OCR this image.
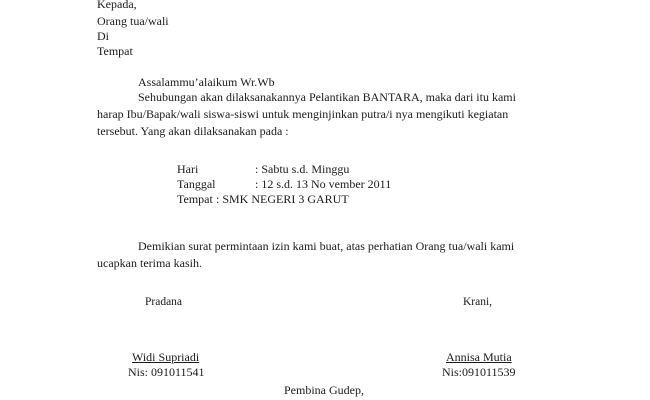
Kepada,
Orang tua/wali
Di
Tempat
Assalammu’alaikum Wr.Wb
Sehubungan akan dilaksanakannya Pelantikan BANTARA, maka dari itu kami
harap Ibu/Bapak/wali siswa-siswi untuk menginjinkan putra/i nya mengikuti kegiatan
tersebut. Yang akan dilaksanakan pada :
Hari	: Sabtu s.d. Minggu
Tanggal	: 12 s.d. 13 No vember 2011
Tempat : SMK NEGERI 3 GARUT
Demikian surat permintaan izin kami buat, atas perhatian Orang tua/wali kami
ucapkan terima kasih.
Pradana	Krani,
Widi Supriadi
Nis: 091011541
Annisa Mutia
Nis:091011539
Pembina Gudep,
